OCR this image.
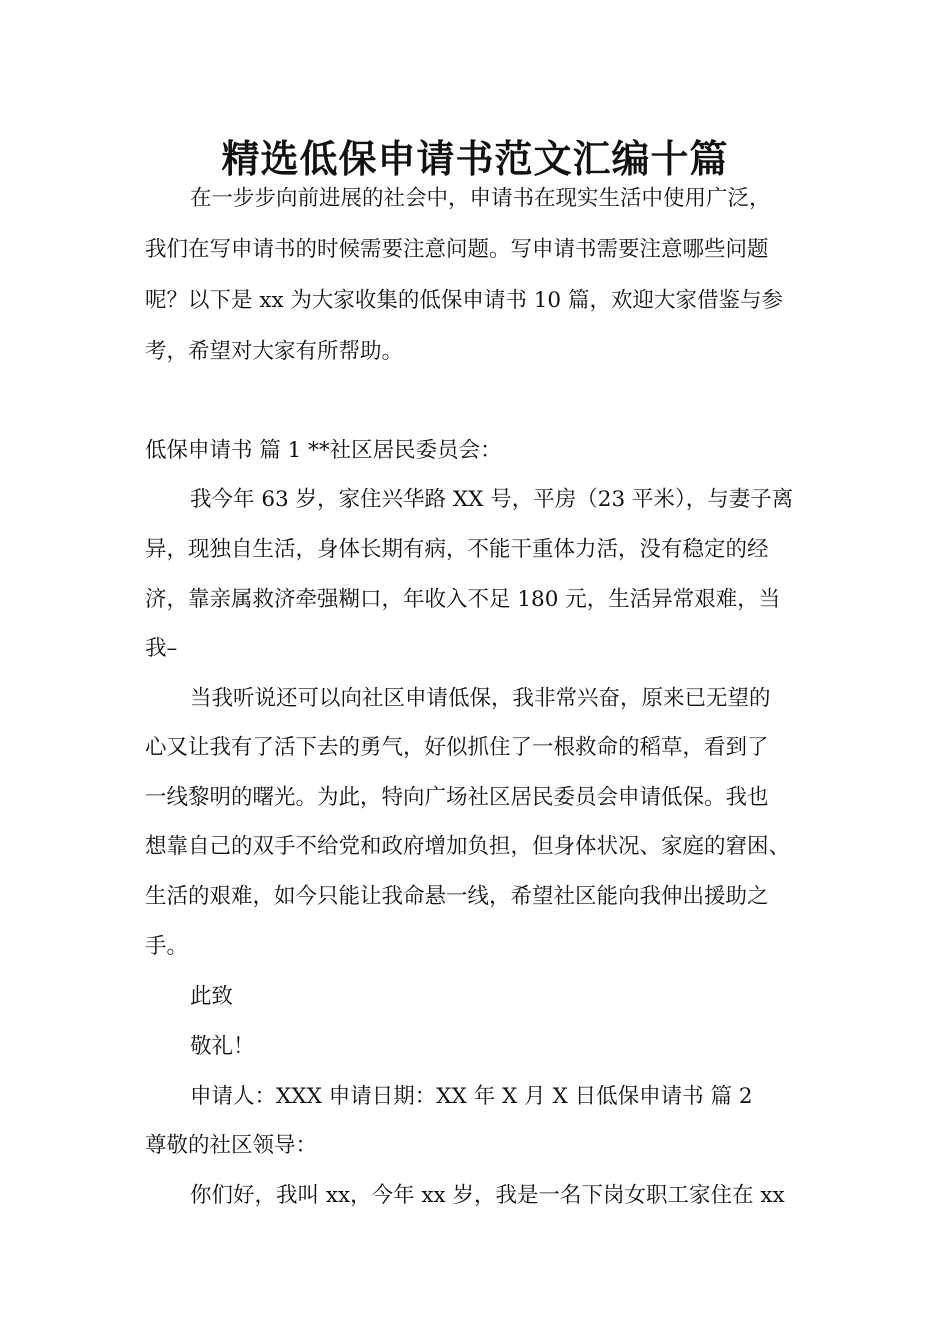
精选低保申请书范文汇编十篇
在一步步向前进展的社会中，申请书在现实生活中使用广泛，
我们在写申请书的时候需要注意问题。写申请书需要注意哪些问题
呢？以下是 xx 为大家收集的低保申请书 10 篇，欢迎大家借鉴与参
考，希望对大家有所帮助。
低保申请书 篇 1 **社区居民委员会：
我今年 63 岁，家住兴华路 XX 号，平房（23 平米），与妻子离
异，现独自生活，身体长期有病，不能干重体力活，没有稳定的经
济，靠亲属救济牵强糊口，年收入不足 180 元，生活异常艰难，当
我–
当我听说还可以向社区申请低保，我非常兴奋，原来已无望的
心又让我有了活下去的勇气，好似抓住了一根救命的稻草，看到了
一线黎明的曙光。为此，特向广场社区居民委员会申请低保。我也
想靠自己的双手不给党和政府增加负担，但身体状况、家庭的窘困、
生活的艰难，如今只能让我命悬一线，希望社区能向我伸出援助之
手。
此致
敬礼！
申请人：XXX 申请日期：XX 年 X 月 X 日低保申请书 篇 2
尊敬的社区领导：
你们好，我叫 xx，今年 xx 岁，我是一名下岗女职工家住在 xx
